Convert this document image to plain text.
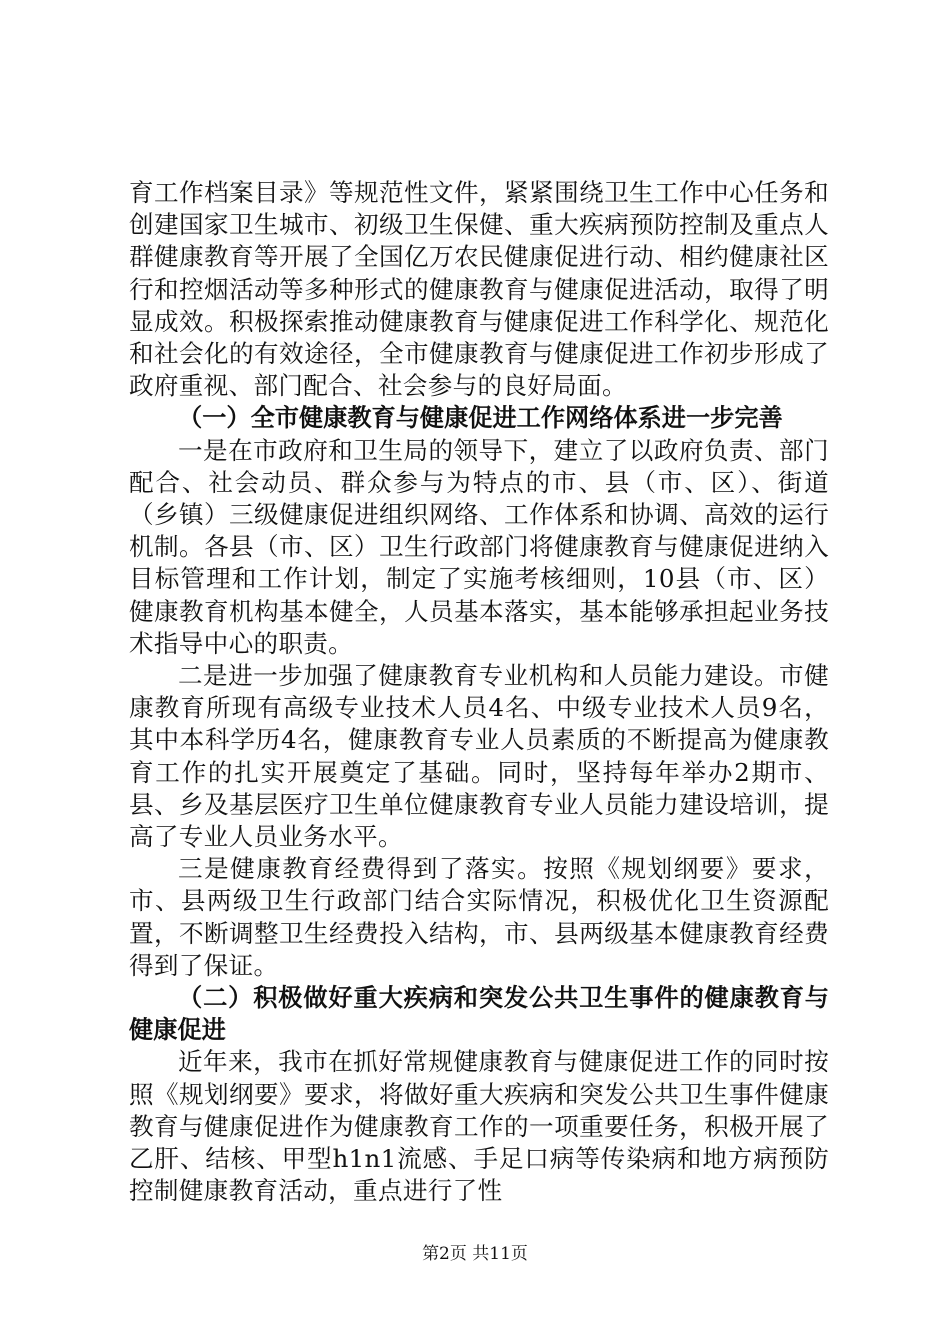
育工作档案目录》等规范性文件，紧紧围绕卫生工作中心任务和创建国家卫生城市、初级卫生保健、重大疾病预防控制及重点人群健康教育等开展了全国亿万农民健康促进行动、相约健康社区行和控烟活动等多种形式的健康教育与健康促进活动，取得了明显成效。积极探索推动健康教育与健康促进工作科学化、规范化和社会化的有效途径，全市健康教育与健康促进工作初步形成了政府重视、部门配合、社会参与的良好局面。

（一）全市健康教育与健康促进工作网络体系进一步完善

一是在市政府和卫生局的领导下，建立了以政府负责、部门配合、社会动员、群众参与为特点的市、县（市、区）、街道（乡镇）三级健康促进组织网络、工作体系和协调、高效的运行机制。各县（市、区）卫生行政部门将健康教育与健康促进纳入目标管理和工作计划，制定了实施考核细则，10县（市、区）健康教育机构基本健全，人员基本落实，基本能够承担起业务技术指导中心的职责。

二是进一步加强了健康教育专业机构和人员能力建设。市健康教育所现有高级专业技术人员4名、中级专业技术人员9名，其中本科学历4名，健康教育专业人员素质的不断提高为健康教育工作的扎实开展奠定了基础。同时，坚持每年举办2期市、县、乡及基层医疗卫生单位健康教育专业人员能力建设培训，提高了专业人员业务水平。

三是健康教育经费得到了落实。按照《规划纲要》要求，市、县两级卫生行政部门结合实际情况，积极优化卫生资源配置，不断调整卫生经费投入结构，市、县两级基本健康教育经费得到了保证。

（二）积极做好重大疾病和突发公共卫生事件的健康教育与健康促进

近年来，我市在抓好常规健康教育与健康促进工作的同时按照《规划纲要》要求，将做好重大疾病和突发公共卫生事件健康教育与健康促进作为健康教育工作的一项重要任务，积极开展了乙肝、结核、甲型h1n1流感、手足口病等传染病和地方病预防控制健康教育活动，重点进行了性

第2页 共11页
